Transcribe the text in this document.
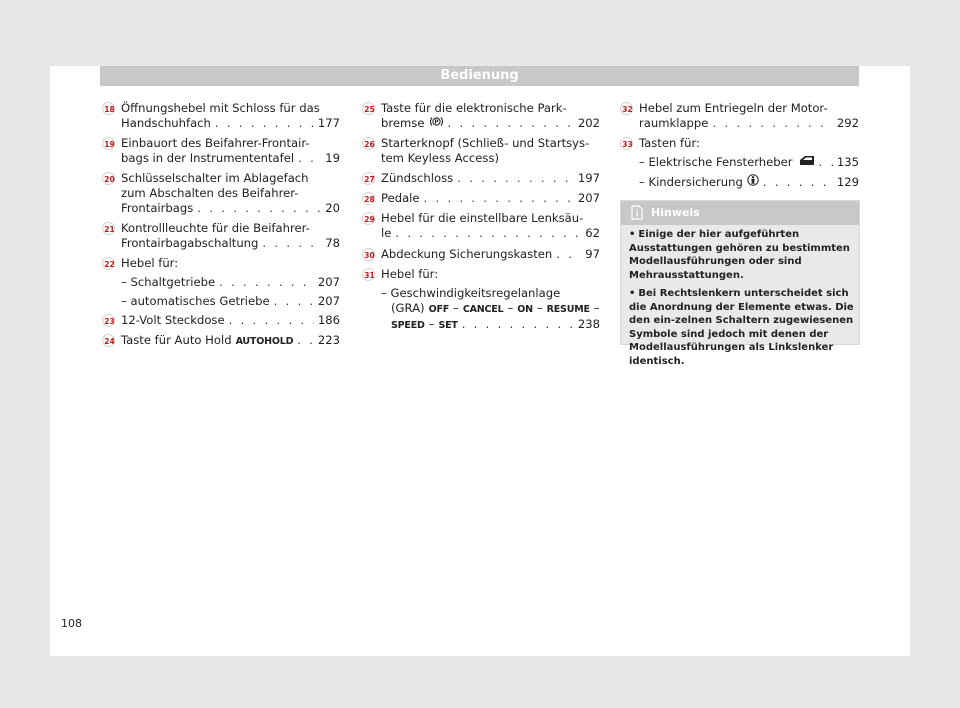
Bedienung
18 Öffnungshebel mit Schloss für das
Handschuhfach . . .	177
19 Einbauort des Beifahrer-Frontair-
bags in der Instrumententafel . . .	19
20 Schlüsselschalter im Ablagefach
zum Abschalten des Beifahrer-
Frontairbags . . .	20
21 Kontrollleuchte für die Beifahrer-
Frontairbagabschaltung . . .	78
22 Hebel für:
– Schaltgetriebe . . .	207
– automatisches Getriebe . . .	207
23 12-Volt Steckdose . . .	186
24 Taste für Auto Hold AUTOHOLD . . . 223
25 Taste für die elektronische Park-
bremse P . . .	202
26 Starterknopf (Schließ- und Startsys-
tem Keyless Access)
27 Zündschloss . . .	197
28 Pedale . . .	207
29 Hebel für die einstellbare Lenksäu-
le . . .	62
30 Abdeckung Sicherungskasten . . .	97
31 Hebel für:
– Geschwindigkeitsregelanlage
(GRA) OFF – CANCEL – ON – RESUME –
SPEED – SET . . .	238
32 Hebel zum Entriegeln der Motor-
raumklappe . . .	292
33 Tasten für:
– Elektrische Fensterheber . . .	135
– Kindersicherung . . .	129
Hinweis
• Einige der hier aufgeführten Ausstattungen gehören zu bestimmten Modellausführungen oder sind Mehrausstattungen.
• Bei Rechtslenkern unterscheidet sich die Anordnung der Elemente etwas. Die den ein-zelnen Schaltern zugewiesenen Symbole sind jedoch mit denen der Modellausführungen als Linkslenker identisch.
108
